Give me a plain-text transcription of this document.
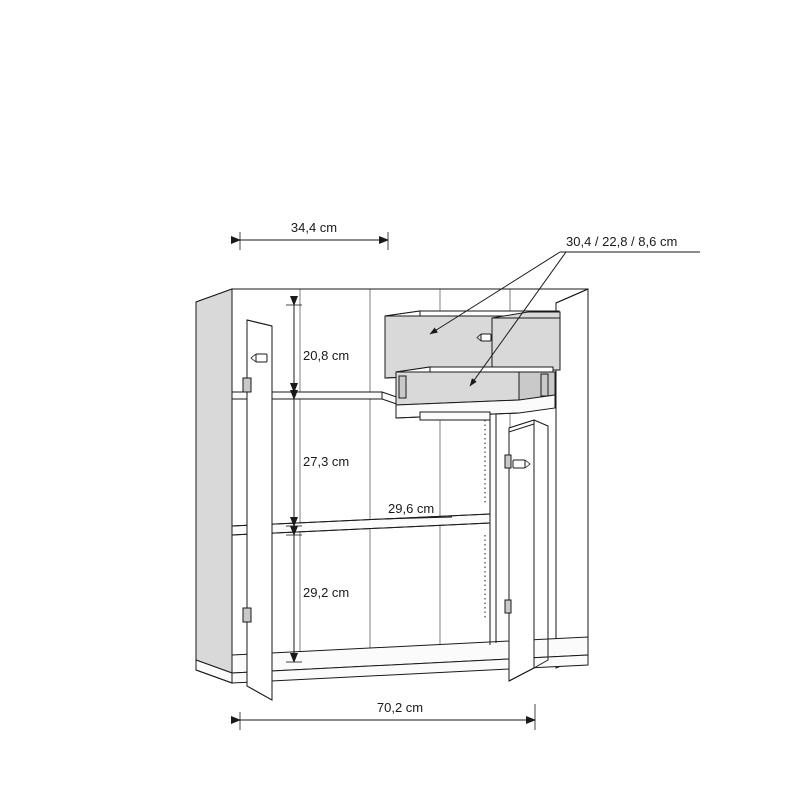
34,4 cm
30,4 / 22,8 / 8,6 cm
20,8 cm
27,3 cm
29,6 cm
29,2 cm
70,2 cm
